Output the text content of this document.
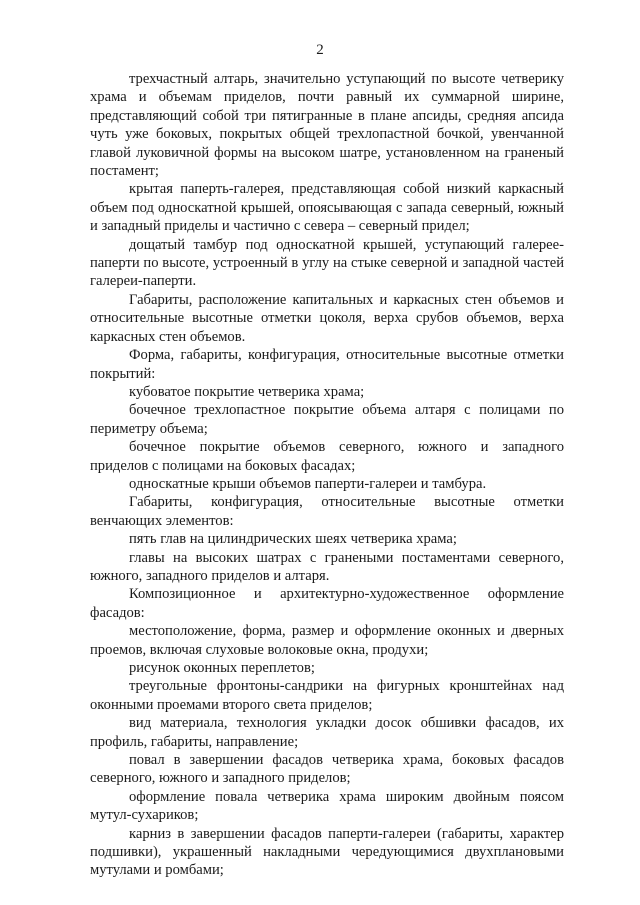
2

трехчастный алтарь, значительно уступающий по высоте четверику храма и объемам приделов, почти равный их суммарной ширине, представляющий собой три пятигранные в плане апсиды, средняя апсида чуть уже боковых, покрытых общей трехлопастной бочкой, увенчанной главой луковичной формы на высоком шатре, установленном на граненый постамент;

крытая паперть-галерея, представляющая собой низкий каркасный объем под односкатной крышей, опоясывающая с запада северный, южный и западный приделы и частично с севера – северный придел;

дощатый тамбур под односкатной крышей, уступающий галерее-паперти по высоте, устроенный в углу на стыке северной и западной частей галереи-паперти.

Габариты, расположение капитальных и каркасных стен объемов и относительные высотные отметки цоколя, верха срубов объемов, верха каркасных стен объемов.

Форма, габариты, конфигурация, относительные высотные отметки покрытий:

кубоватое покрытие четверика храма;

бочечное трехлопастное покрытие объема алтаря с полицами по периметру объема;

бочечное покрытие объемов северного, южного и западного приделов с полицами на боковых фасадах;

односкатные крыши объемов паперти-галереи и тамбура.

Габариты, конфигурация, относительные высотные отметки венчающих элементов:

пять глав на цилиндрических шеях четверика храма;

главы на высоких шатрах с гранеными постаментами северного, южного, западного приделов и алтаря.

Композиционное и архитектурно-художественное оформление фасадов:

местоположение, форма, размер и оформление оконных и дверных проемов, включая слуховые волоковые окна, продухи;

рисунок оконных переплетов;

треугольные фронтоны-сандрики на фигурных кронштейнах над оконными проемами второго света приделов;

вид материала, технология укладки досок обшивки фасадов, их профиль, габариты, направление;

повал в завершении фасадов четверика храма, боковых фасадов северного, южного и западного приделов;

оформление повала четверика храма широким двойным поясом мутул-сухариков;

карниз в завершении фасадов паперти-галереи (габариты, характер подшивки), украшенный накладными чередующимися двухплановыми мутулами и ромбами;
